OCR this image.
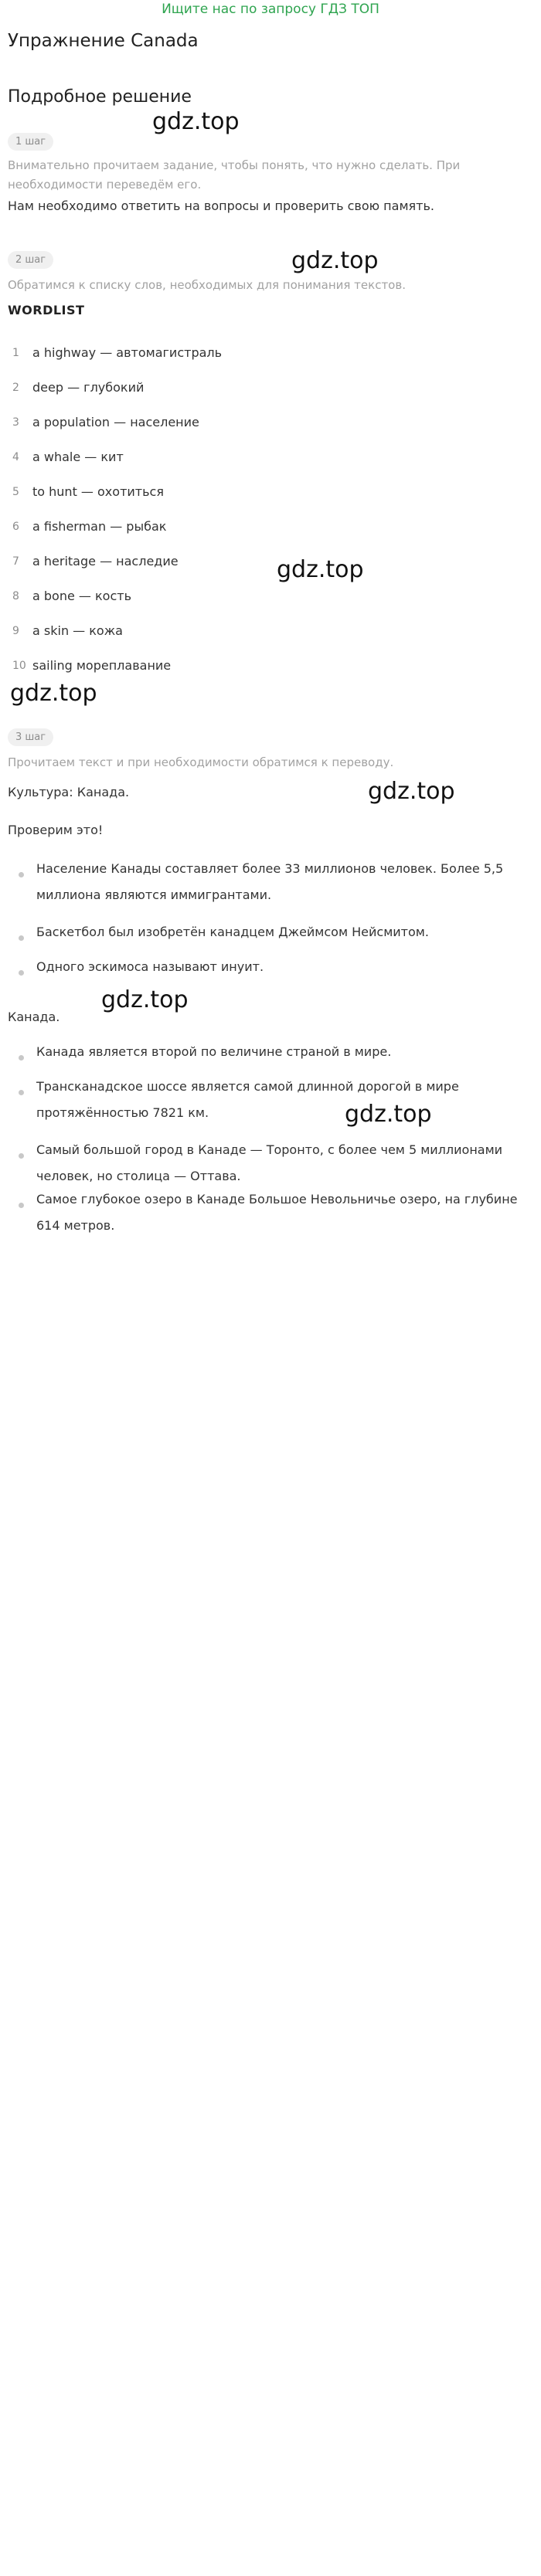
Ищите нас по запросу ГДЗ ТОП
Упражнение Canada
Подробное решение
gdz.top
gdz.top
gdz.top
gdz.top
gdz.top
gdz.top
gdz.top
1 шаг
Внимательно прочитаем задание, чтобы понять, что нужно сделать. При необходимости переведём его.
Нам необходимо ответить на вопросы и проверить свою память.
2 шаг
Обратимся к списку слов, необходимых для понимания текстов.
WORDLIST
1 a highway — автомагистраль
2 deep — глубокий
3 a population — население
4 a whale — кит
5 to hunt — охотиться
6 a fisherman — рыбак
7 a heritage — наследие
8 a bone — кость
9 a skin — кожа
10 sailing мореплавание
3 шаг
Прочитаем текст и при необходимости обратимся к переводу.
Культура: Канада.
Проверим это!
Население Канады составляет более 33 миллионов человек. Более 5,5 миллиона являются иммигрантами.
Баскетбол был изобретён канадцем Джеймсом Нейсмитом.
Одного эскимоса называют инуит.
Канада.
Канада является второй по величине страной в мире.
Трансканадское шоссе является самой длинной дорогой в мире протяжённостью 7821 км.
Самый большой город в Канаде — Торонто, с более чем 5 миллионами человек, но столица — Оттава.
Самое глубокое озеро в Канаде Большое Невольничье озеро, на глубине 614 метров.
